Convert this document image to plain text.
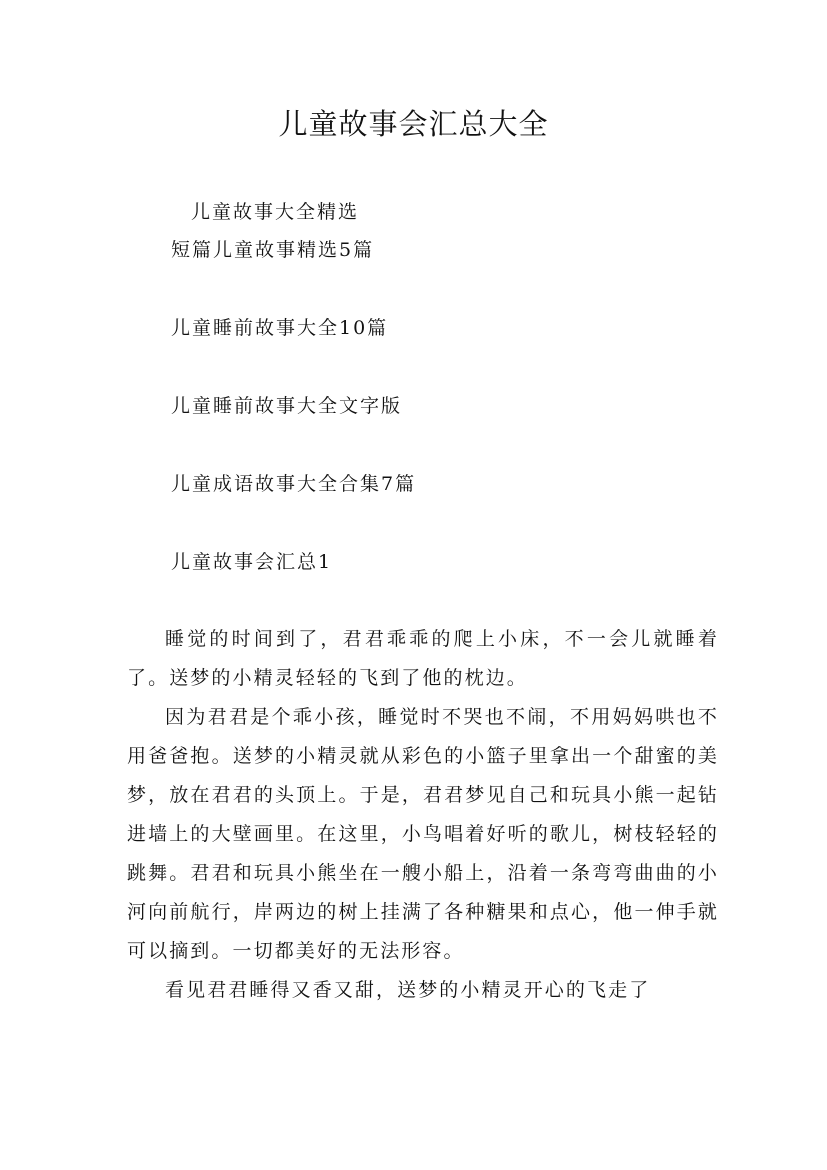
儿童故事会汇总大全

儿童故事大全精选

短篇儿童故事精选5篇

儿童睡前故事大全10篇

儿童睡前故事大全文字版

儿童成语故事大全合集7篇

儿童故事会汇总1

睡觉的时间到了，君君乖乖的爬上小床，不一会儿就睡着了。送梦的小精灵轻轻的飞到了他的枕边。

因为君君是个乖小孩，睡觉时不哭也不闹，不用妈妈哄也不用爸爸抱。送梦的小精灵就从彩色的小篮子里拿出一个甜蜜的美梦，放在君君的头顶上。于是，君君梦见自己和玩具小熊一起钻进墙上的大壁画里。在这里，小鸟唱着好听的歌儿，树枝轻轻的跳舞。君君和玩具小熊坐在一艘小船上，沿着一条弯弯曲曲的小河向前航行，岸两边的树上挂满了各种糖果和点心，他一伸手就可以摘到。一切都美好的无法形容。

看见君君睡得又香又甜，送梦的小精灵开心的飞走了
